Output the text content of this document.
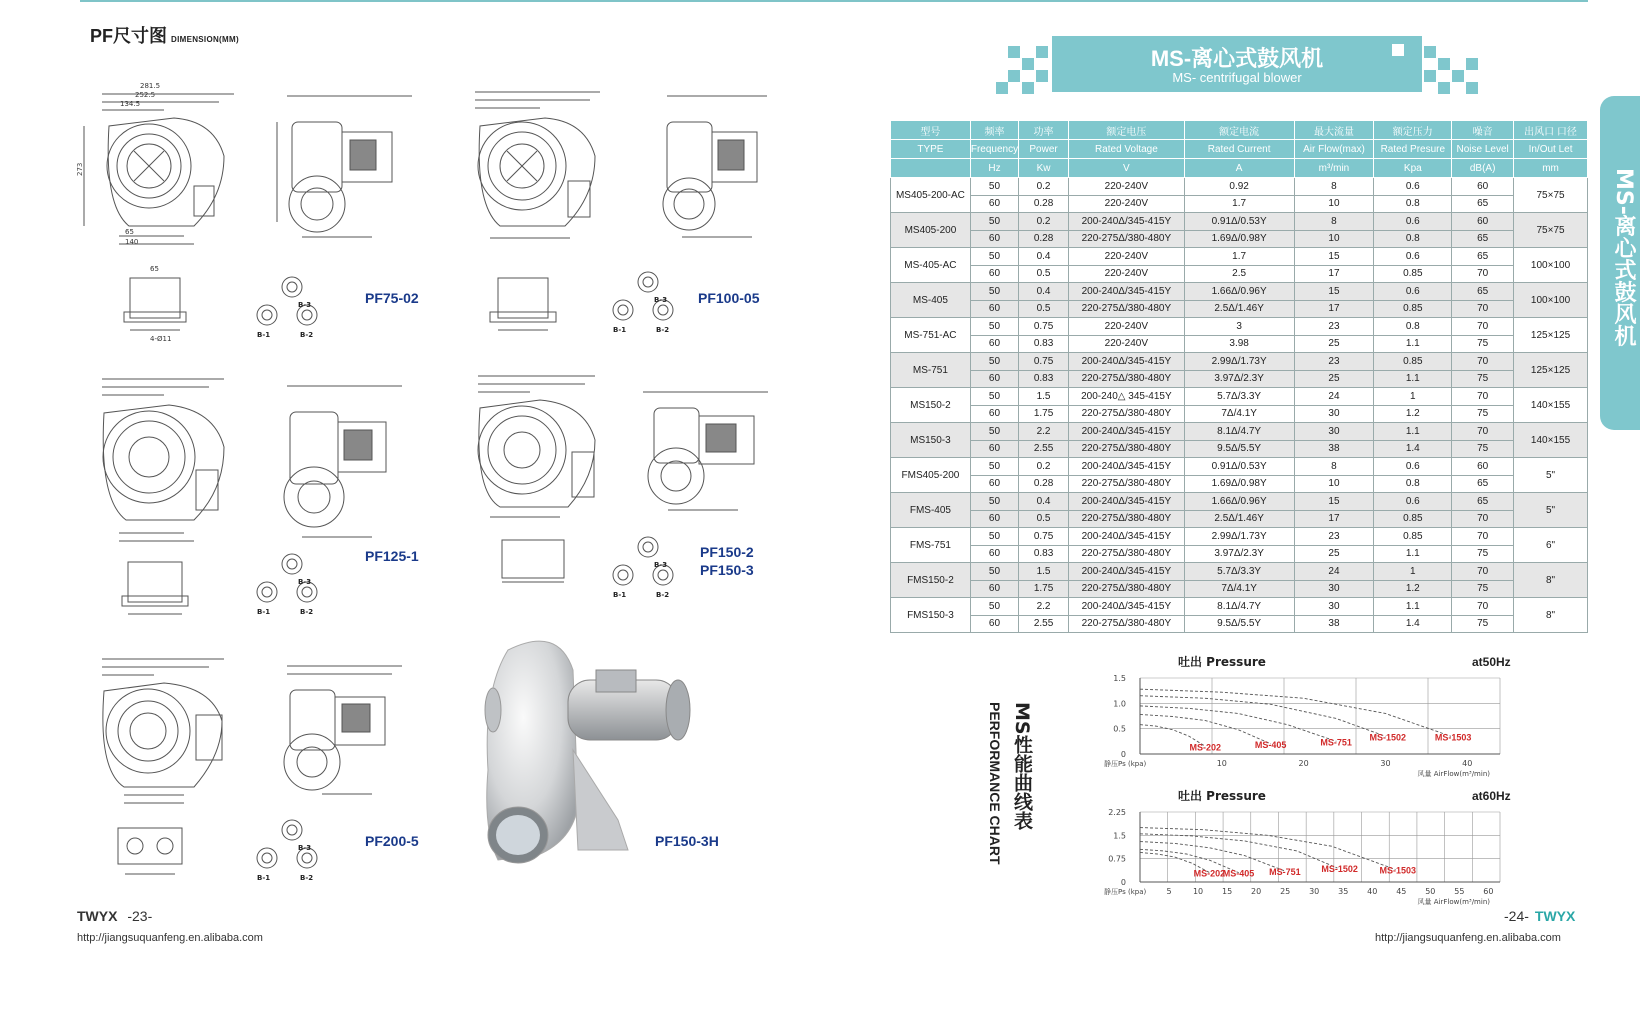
PF尺寸图 DIMENSION(MM)
273
281.5
252.5
134.5
65
140
PF75-02
65
4-Ø11
B-3
B-1	B-2
PF100-05
B-3
B-1	B-2
PF125-1
B-3
B-1	B-2
B-3
B-1	B-2
PF150-2
PF150-3
B-3
B-1	B-2
PF200-5	PF150-3H
TWYX -23-
http://jiangsuquanfeng.en.alibaba.com
MS-离心式鼓风机
MS- centrifugal blower
MS-离心式鼓风机
型号	频率	功率	额定电压	额定电流	最大流量	额定压力	噪音	出风口 口径
TYPE	Frequency	Power	Rated Voltage	Rated Current	Air Flow(max)	Rated Presure	Noise Level	In/Out Let
	Hz	Kw	V	A	m³/min	Kpa	dB(A)	mm
MS405-200-AC	50	0.2	220-240V	0.92	8	0.6	60	75×75
	60	0.28	220-240V	1.7	10	0.8	65	
MS405-200	50	0.2	200-240Δ/345-415Y	0.91Δ/0.53Y	8	0.6	60	75×75
	60	0.28	220-275Δ/380-480Y	1.69Δ/0.98Y	10	0.8	65	
MS-405-AC	50	0.4	220-240V	1.7	15	0.6	65	100×100
	60	0.5	220-240V	2.5	17	0.85	70	
MS-405	50	0.4	200-240Δ/345-415Y	1.66Δ/0.96Y	15	0.6	65	100×100
	60	0.5	220-275Δ/380-480Y	2.5Δ/1.46Y	17	0.85	70	
MS-751-AC	50	0.75	220-240V	3	23	0.8	70	125×125
	60	0.83	220-240V	3.98	25	1.1	75	
MS-751	50	0.75	200-240Δ/345-415Y	2.99Δ/1.73Y	23	0.85	70	125×125
	60	0.83	220-275Δ/380-480Y	3.97Δ/2.3Y	25	1.1	75	
MS150-2	50	1.5	200-240△ 345-415Y	5.7Δ/3.3Y	24	1	70	140×155
	60	1.75	220-275Δ/380-480Y	7Δ/4.1Y	30	1.2	75	
MS150-3	50	2.2	200-240Δ/345-415Y	8.1Δ/4.7Y	30	1.1	70	140×155
	60	2.55	220-275Δ/380-480Y	9.5Δ/5.5Y	38	1.4	75	
FMS405-200	50	0.2	200-240Δ/345-415Y	0.91Δ/0.53Y	8	0.6	60	5"
	60	0.28	220-275Δ/380-480Y	1.69Δ/0.98Y	10	0.8	65	
FMS-405	50	0.4	200-240Δ/345-415Y	1.66Δ/0.96Y	15	0.6	65	5"
	60	0.5	220-275Δ/380-480Y	2.5Δ/1.46Y	17	0.85	70	
FMS-751	50	0.75	200-240Δ/345-415Y	2.99Δ/1.73Y	23	0.85	70	6"
	60	0.83	220-275Δ/380-480Y	3.97Δ/2.3Y	25	1.1	75	
FMS150-2	50	1.5	200-240Δ/345-415Y	5.7Δ/3.3Y	24	1	70	8"
	60	1.75	220-275Δ/380-480Y	7Δ/4.1Y	30	1.2	75	
FMS150-3	50	2.2	200-240Δ/345-415Y	8.1Δ/4.7Y	30	1.1	70	8"
	60	2.55	220-275Δ/380-480Y	9.5Δ/5.5Y	38	1.4	75	
MS性能曲线表
PERFORMANCE CHART
吐出 Pressure	at50Hz
0
0.5
1.0
1.5
10	20	30	40
静压Ps (kpa)
风量 AirFlow(m³/min)
MS-202	MS-405	MS-751
MS-1502	MS-1503
吐出 Pressure	at60Hz
0
0.75
1.5
2.25
5	10 15 20 25 30 35 40 45 50 55 60
静压Ps (kpa)
风量 AirFlow(m³/min)
MS-202
MS-405 MS-751 MS-1502 MS-1503
-24- TWYX
http://jiangsuquanfeng.en.alibaba.com
